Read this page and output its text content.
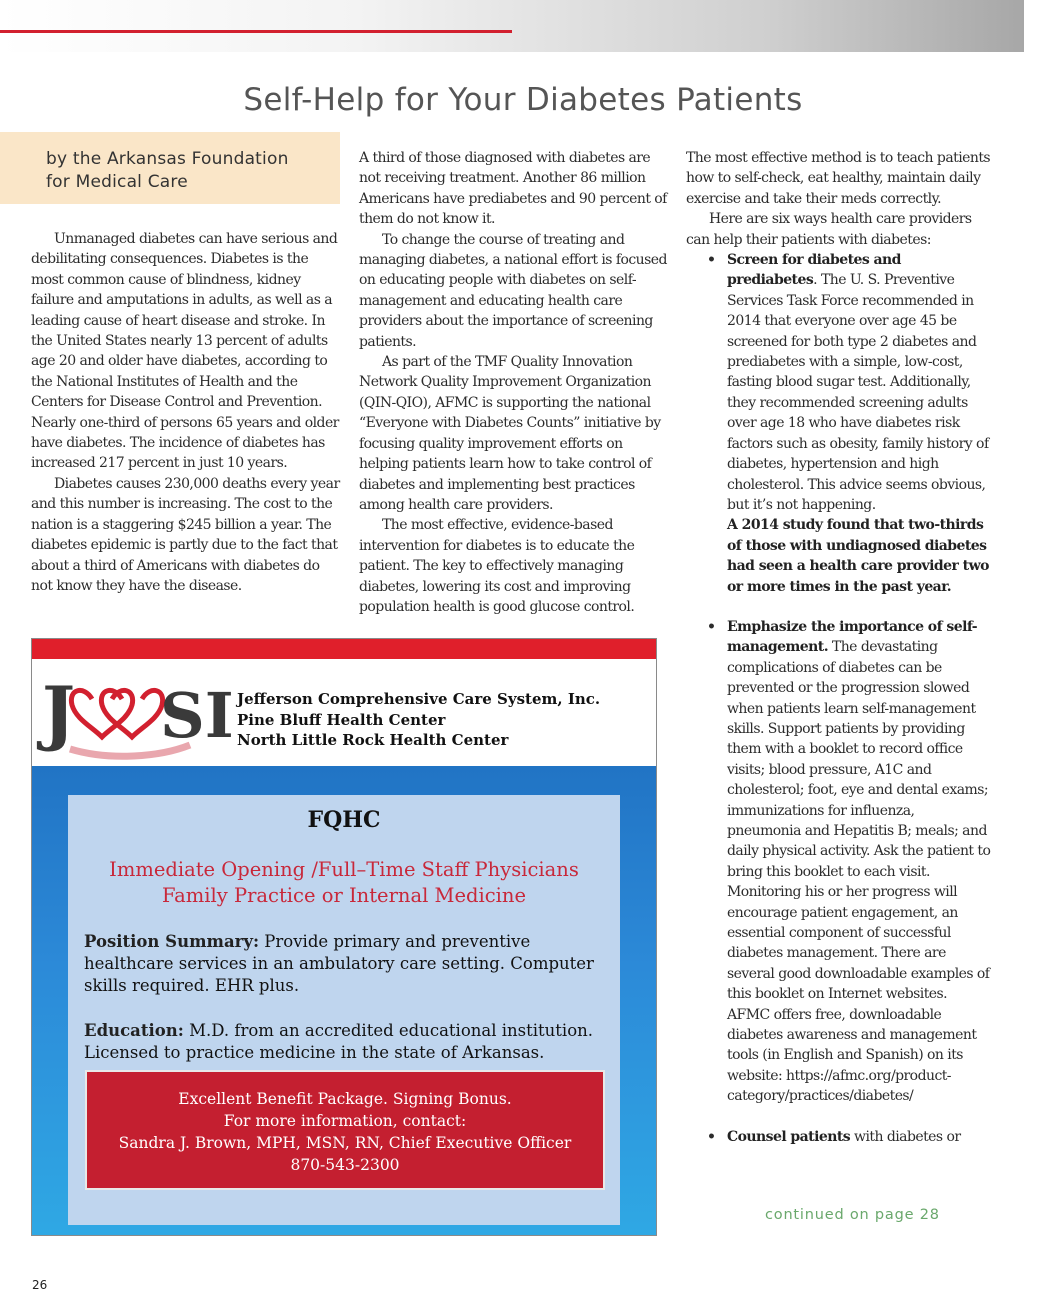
Self-Help for Your Diabetes Patients
by the Arkansas Foundation
for Medical Care

Unmanaged diabetes can have serious and debilitating consequences. Diabetes is the most common cause of blindness, kidney failure and amputations in adults, as well as a leading cause of heart disease and stroke. In the United States nearly 13 percent of adults age 20 and older have diabetes, according to the National Institutes of Health and the Centers for Disease Control and Prevention. Nearly one-third of persons 65 years and older have diabetes. The incidence of diabetes has increased 217 percent in just 10 years.

Diabetes causes 230,000 deaths every year and this number is increasing. The cost to the nation is a staggering $245 billion a year. The diabetes epidemic is partly due to the fact that about a third of Americans with diabetes do not know they have the disease.

A third of those diagnosed with diabetes are not receiving treatment. Another 86 million Americans have prediabetes and 90 percent of them do not know it.

To change the course of treating and managing diabetes, a national effort is focused on educating people with diabetes on self-management and educating health care providers about the importance of screening patients.

As part of the TMF Quality Innovation Network Quality Improvement Organization (QIN-QIO), AFMC is supporting the national “Everyone with Diabetes Counts” initiative by focusing quality improvement efforts on helping patients learn how to take control of diabetes and implementing best practices among health care providers.

The most effective, evidence-based intervention for diabetes is to educate the patient. The key to effectively managing diabetes, lowering its cost and improving population health is good glucose control.

The most effective method is to teach patients how to self-check, eat healthy, maintain daily exercise and take their meds correctly.

Here are six ways health care providers can help their patients with diabetes:

• Screen for diabetes and prediabetes. The U. S. Preventive Services Task Force recommended in 2014 that everyone over age 45 be screened for both type 2 diabetes and prediabetes with a simple, low-cost, fasting blood sugar test. Additionally, they recommended screening adults over age 18 who have diabetes risk factors such as obesity, family history of diabetes, hypertension and high cholesterol. This advice seems obvious, but it’s not happening.
A 2014 study found that two-thirds of those with undiagnosed diabetes had seen a health care provider two or more times in the past year.
• Emphasize the importance of self-management. The devastating complications of diabetes can be prevented or the progression slowed when patients learn self-management skills. Support patients by providing them with a booklet to record office visits; blood pressure, A1C and cholesterol; foot, eye and dental exams; immunizations for influenza, pneumonia and Hepatitis B; meals; and daily physical activity. Ask the patient to bring this booklet to each visit. Monitoring his or her progress will encourage patient engagement, an essential component of successful diabetes management. There are several good downloadable examples of this booklet on Internet websites. AFMC offers free, downloadable diabetes awareness and management tools (in English and Spanish) on its website: https://afmc.org/product-category/practices/diabetes/
• Counsel patients with diabetes or
continued on page 28
26
J SI Jefferson Comprehensive Care System, Inc.
Pine Bluff Health Center
North Little Rock Health Center
FQHC
Immediate Opening /Full–Time Staff Physicians
Family Practice or Internal Medicine
Position Summary: Provide primary and preventive healthcare services in an ambulatory care setting. Computer skills required. EHR plus.
Education: M.D. from an accredited educational institution. Licensed to practice medicine in the state of Arkansas.
Excellent Benefit Package. Signing Bonus.
For more information, contact:
Sandra J. Brown, MPH, MSN, RN, Chief Executive Officer
870-543-2300
